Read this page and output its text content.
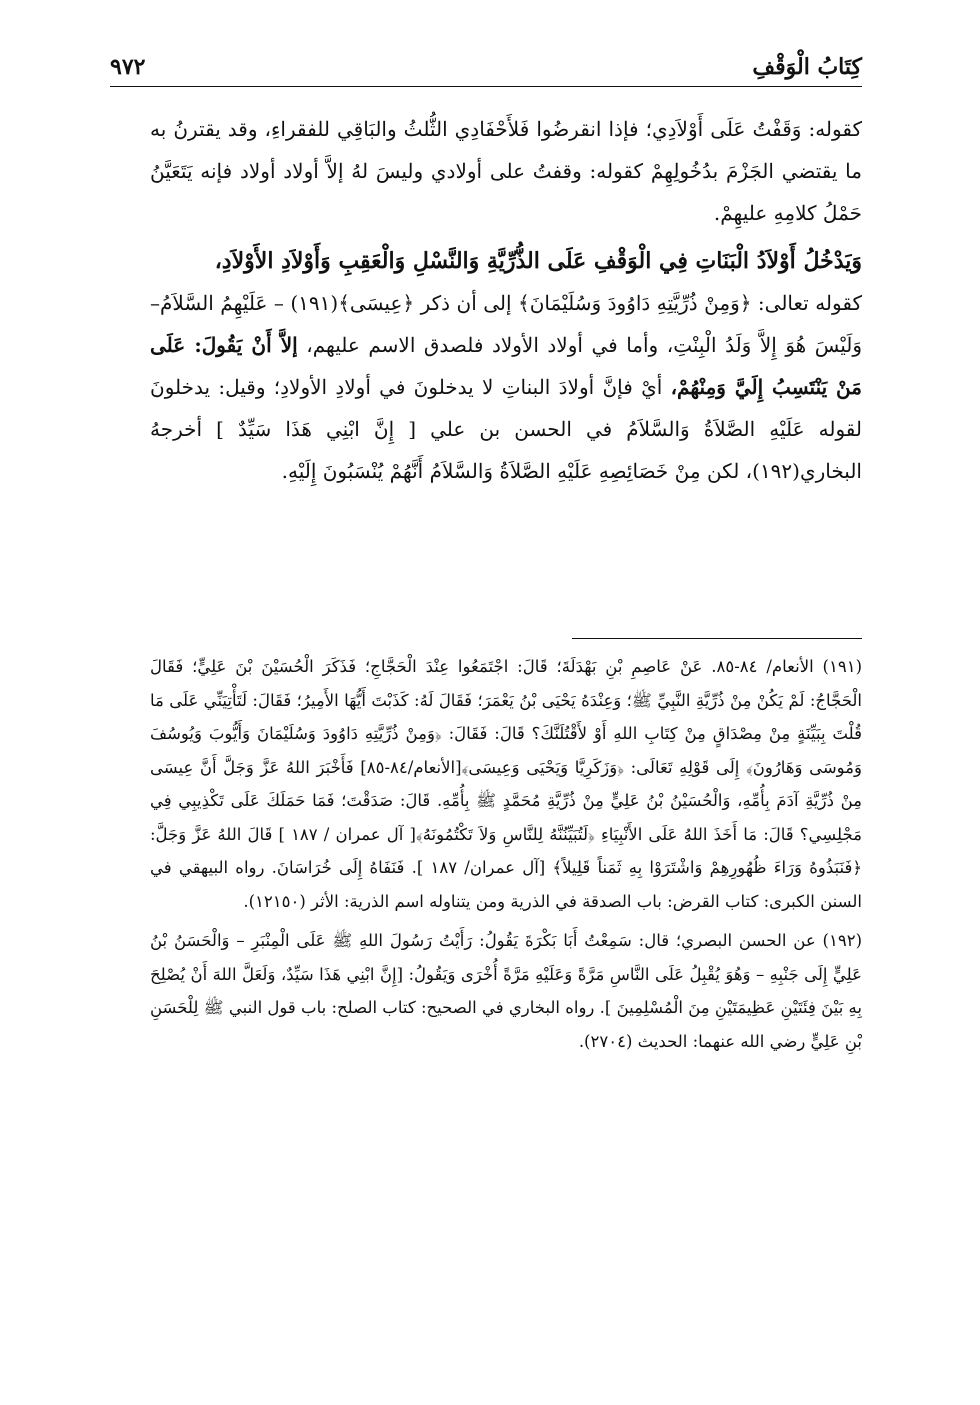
كِتَابُ الْوَقْفِ
٩٧٢

كقوله: وَقَفْتُ عَلَى أَوْلاَدِي؛ فإذا انقرضُوا فَلأَحْفَادِي الثُّلثُ والبَاقِي للفقراءِ، وقد يقترنُ به ما يقتضي الجَزْمَ بدُخُولِهِمْ كقوله: وقفتُ على أولادي وليسَ لهُ إلاَّ أولاد أولاد فإنه يَتَعَيَّنُ حَمْلُ كلامِهِ عليهِمْ.

وَيَدْخُلُ أَوْلاَدُ الْبَنَاتِ فِي الْوَقْفِ عَلَى الذُّرِّيَّةِ وَالنَّسْلِ وَالْعَقِبِ وَأَوْلاَدِ الأَوْلاَدِ،

كقوله تعالى: ﴿وَمِنْ ذُرِّيَّتِهِ دَاوُودَ وَسُلَيْمَانَ﴾ إلى أن ذكر ﴿عِيسَى﴾(١٩١) – عَلَيْهِمُ السَّلاَمُ– وَلَيْسَ هُوَ إِلاَّ وَلَدُ الْبِنْتِ، وأما في أولاد الأولاد فلصدق الاسم عليهم، إلاَّ أَنْ يَقُولَ: عَلَى مَنْ يَنْتَسِبُ إِلَيَّ وَمِنْهُمْ، أيْ فإنَّ أولادَ البناتِ لا يدخلونَ في أولادِ الأولادِ؛ وقيل: يدخلونَ لقوله عَلَيْهِ الصَّلاَةُ وَالسَّلاَمُ في الحسن بن علي [ إِنَّ ابْنِي هَذَا سَيِّدٌ ] أخرجهُ البخاري(١٩٢)، لكن مِنْ خَصَائِصِهِ عَلَيْهِ الصَّلاَةُ وَالسَّلاَمُ أَنَّهُمْ يُنْسَبُونَ إِلَيْهِ.

(١٩١) الأنعام/ ٨٤-٨٥. عَنْ عَاصِمِ بْنِ بَهْدَلَةَ؛ قَالَ: اجْتَمَعُوا عِنْدَ الْحَجَّاجِ؛ فَذَكَرَ الْحُسَيْنَ بْنَ عَلِيٍّ؛ فَقَالَ الْحَجَّاجُ: لَمْ يَكُنْ مِنْ ذُرِّيَّةِ النَّبِيِّ ﷺ؛ وَعِنْدَهُ يَحْيَى بْنُ يَعْمَرَ؛ فَقَالَ لَهُ: كَذَبْتَ أَيُّهَا الأَمِيرُ؛ فَقَالَ: لَتَأْتِيَنِّي عَلَى مَا قُلْتَ بِبَيِّنَةٍ مِنْ مِصْدَاقٍ مِنْ كِتَابِ اللهِ أَوْ لأَقْتُلَنَّكَ؟ قَالَ: فَقَالَ: ﴿وَمِنْ ذُرِّيَّتِهِ دَاوُودَ وَسُلَيْمَانَ وَأَيُّوبَ وَيُوسُفَ وَمُوسَى وَهَارُونَ﴾ إِلَى قَوْلِهِ تَعَالَى: ﴿وَزَكَرِيَّا وَيَحْيَى وَعِيسَى﴾[الأنعام/٨٤-٨٥] فَأَخْبَرَ اللهُ عَزَّ وَجَلَّ أَنَّ عِيسَى مِنْ ذُرِّيَّةِ آدَمَ بِأُمِّهِ، وَالْحُسَيْنُ بْنُ عَلِيٍّ مِنْ ذُرِّيَّةِ مُحَمَّدٍ ﷺ بِأُمِّهِ. قَالَ: صَدَقْتَ؛ فَمَا حَمَلَكَ عَلَى تَكْذِيبِي فِي مَجْلِسِي؟ قَالَ: مَا أَخَذَ اللهُ عَلَى الأَنْبِيَاءِ ﴿لَتُبَيِّنُنَّهُ لِلنَّاسِ وَلاَ تَكْتُمُونَهُ﴾[ آل عمران / ١٨٧ ] قَالَ اللهُ عَزَّ وَجَلَّ: ﴿فَنَبَذُوهُ وَرَاءَ ظُهُورِهِمْ وَاشْتَرَوْا بِهِ ثَمَناً قَلِيلاً﴾ [آل عمران/ ١٨٧ ]. فَنَفَاهُ إِلَى خُرَاسَانَ. رواه البيهقي في السنن الكبرى: كتاب القرض: باب الصدقة في الذرية ومن يتناوله اسم الذرية: الأثر (١٢١٥٠).

(١٩٢) عن الحسن البصري؛ قال: سَمِعْتُ أَبَا بَكْرَةَ يَقُولُ: رَأَيْتُ رَسُولَ اللهِ ﷺ عَلَى الْمِنْبَرِ – وَالْحَسَنُ بْنُ عَلِيٍّ إِلَى جَنْبِهِ – وَهُوَ يُقْبِلُ عَلَى النَّاسِ مَرَّةً وَعَلَيْهِ مَرَّةً أُخْرَى وَيَقُولُ: [إِنَّ ابْنِي هَذَا سَيِّدٌ، وَلَعَلَّ اللهَ أَنْ يُصْلِحَ بِهِ بَيْنَ فِئَتَيْنِ عَظِيمَتَيْنِ مِنَ الْمُسْلِمِينَ ]. رواه البخاري في الصحيح: كتاب الصلح: باب قول النبي ﷺ لِلْحَسَنِ بْنِ عَلِيٍّ رضي الله عنهما: الحديث (٢٧٠٤).
